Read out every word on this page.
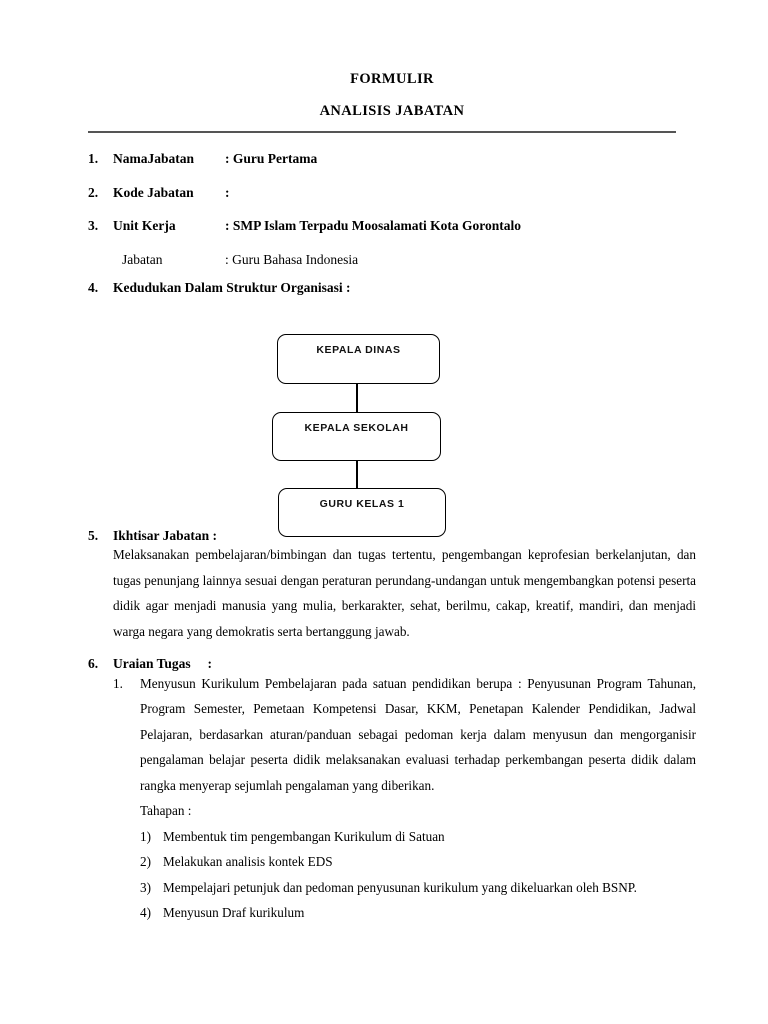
FORMULIR
ANALISIS JABATAN
1.	NamaJabatan	: Guru Pertama
2.	Kode Jabatan	:
3.	Unit Kerja	: SMP Islam Terpadu Moosalamati Kota Gorontalo
Jabatan	: Guru Bahasa Indonesia
4.	Kedudukan Dalam Struktur Organisasi :
KEPALA DINAS
KEPALA SEKOLAH
GURU KELAS 1
5.	Ikhtisar Jabatan :

Melaksanakan pembelajaran/bimbingan dan tugas tertentu, pengembangan keprofesian berkelanjutan, dan tugas penunjang lainnya sesuai dengan peraturan perundang-undangan untuk mengembangkan potensi peserta didik agar menjadi manusia yang mulia, berkarakter, sehat, berilmu, cakap, kreatif, mandiri, dan menjadi warga negara yang demokratis serta bertanggung jawab.

6.	Uraian Tugas     :
1.	Menyusun Kurikulum Pembelajaran pada satuan pendidikan berupa : Penyusunan Program Tahunan, Program Semester, Pemetaan Kompetensi Dasar, KKM, Penetapan Kalender Pendidikan, Jadwal Pelajaran, berdasarkan aturan/panduan sebagai pedoman kerja dalam menyusun dan mengorganisir pengalaman belajar peserta didik melaksanakan evaluasi terhadap perkembangan peserta didik dalam rangka menyerap sejumlah pengalaman yang diberikan.
Tahapan :
1) Membentuk tim pengembangan Kurikulum di Satuan
2) Melakukan analisis kontek EDS
3) Mempelajari petunjuk dan pedoman penyusunan kurikulum yang dikeluarkan oleh BSNP.
4) Menyusun Draf kurikulum
